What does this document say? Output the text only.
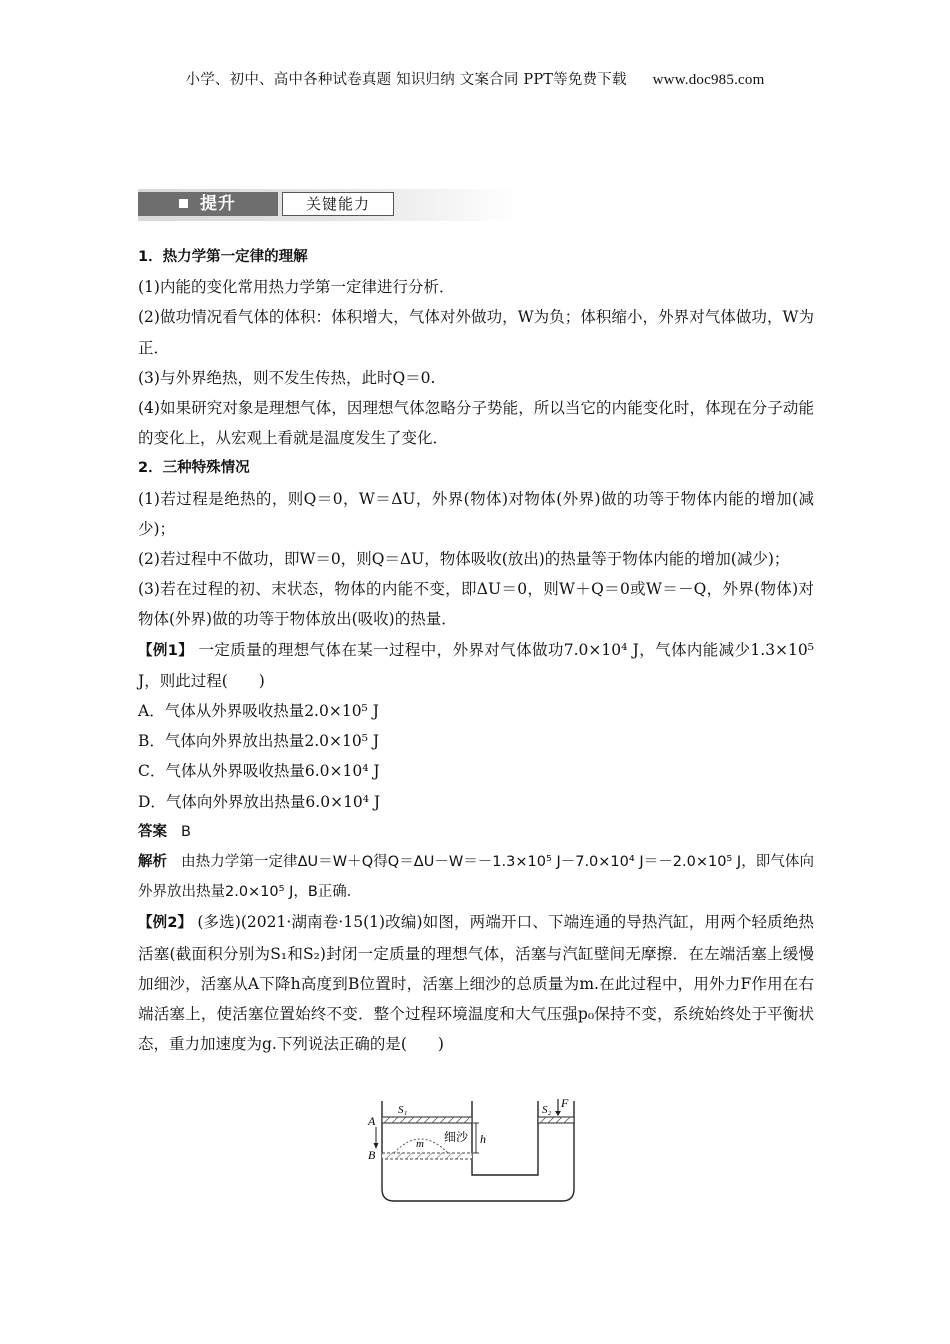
小学、初中、高中各种试卷真题 知识归纳 文案合同 PPT等免费下载 www.doc985.com
提升	关键能力

1．热力学第一定律的理解

(1)内能的变化常用热力学第一定律进行分析．

(2)做功情况看气体的体积：体积增大，气体对外做功，W为负；体积缩小，外界对气体做功，W为正．

(3)与外界绝热，则不发生传热，此时Q＝0.

(4)如果研究对象是理想气体，因理想气体忽略分子势能，所以当它的内能变化时，体现在分子动能的变化上，从宏观上看就是温度发生了变化．

2．三种特殊情况

(1)若过程是绝热的，则Q＝0，W＝ΔU，外界(物体)对物体(外界)做的功等于物体内能的增加(减少)；

(2)若过程中不做功，即W＝0，则Q＝ΔU，物体吸收(放出)的热量等于物体内能的增加(减少)；

(3)若在过程的初、末状态，物体的内能不变，即ΔU＝0，则W＋Q＝0或W＝－Q，外界(物体)对物体(外界)做的功等于物体放出(吸收)的热量．

【例1】 一定质量的理想气体在某一过程中，外界对气体做功7.0×10⁴ J，气体内能减少1.3×10⁵ J，则此过程(　　)

A．气体从外界吸收热量2.0×10⁵ J

B．气体向外界放出热量2.0×10⁵ J

C．气体从外界吸收热量6.0×10⁴ J

D．气体向外界放出热量6.0×10⁴ J

答案 B

解析 由热力学第一定律ΔU＝W＋Q得Q＝ΔU－W＝－1.3×10⁵ J－7.0×10⁴ J＝－2.0×10⁵ J，即气体向外界放出热量2.0×10⁵ J，B正确．

【例2】 (多选)(2021·湖南卷·15(1)改编)如图，两端开口、下端连通的导热汽缸，用两个轻质绝热活塞(截面积分别为S₁和S₂)封闭一定质量的理想气体，活塞与汽缸壁间无摩擦．在左端活塞上缓慢加细沙，活塞从A下降h高度到B位置时，活塞上细沙的总质量为m.在此过程中，用外力F作用在右端活塞上，使活塞位置始终不变．整个过程环境温度和大气压强p₀保持不变，系统始终处于平衡状态，重力加速度为g.下列说法正确的是(　　)

m 细沙
F
S₂
S₁
A
B
h
